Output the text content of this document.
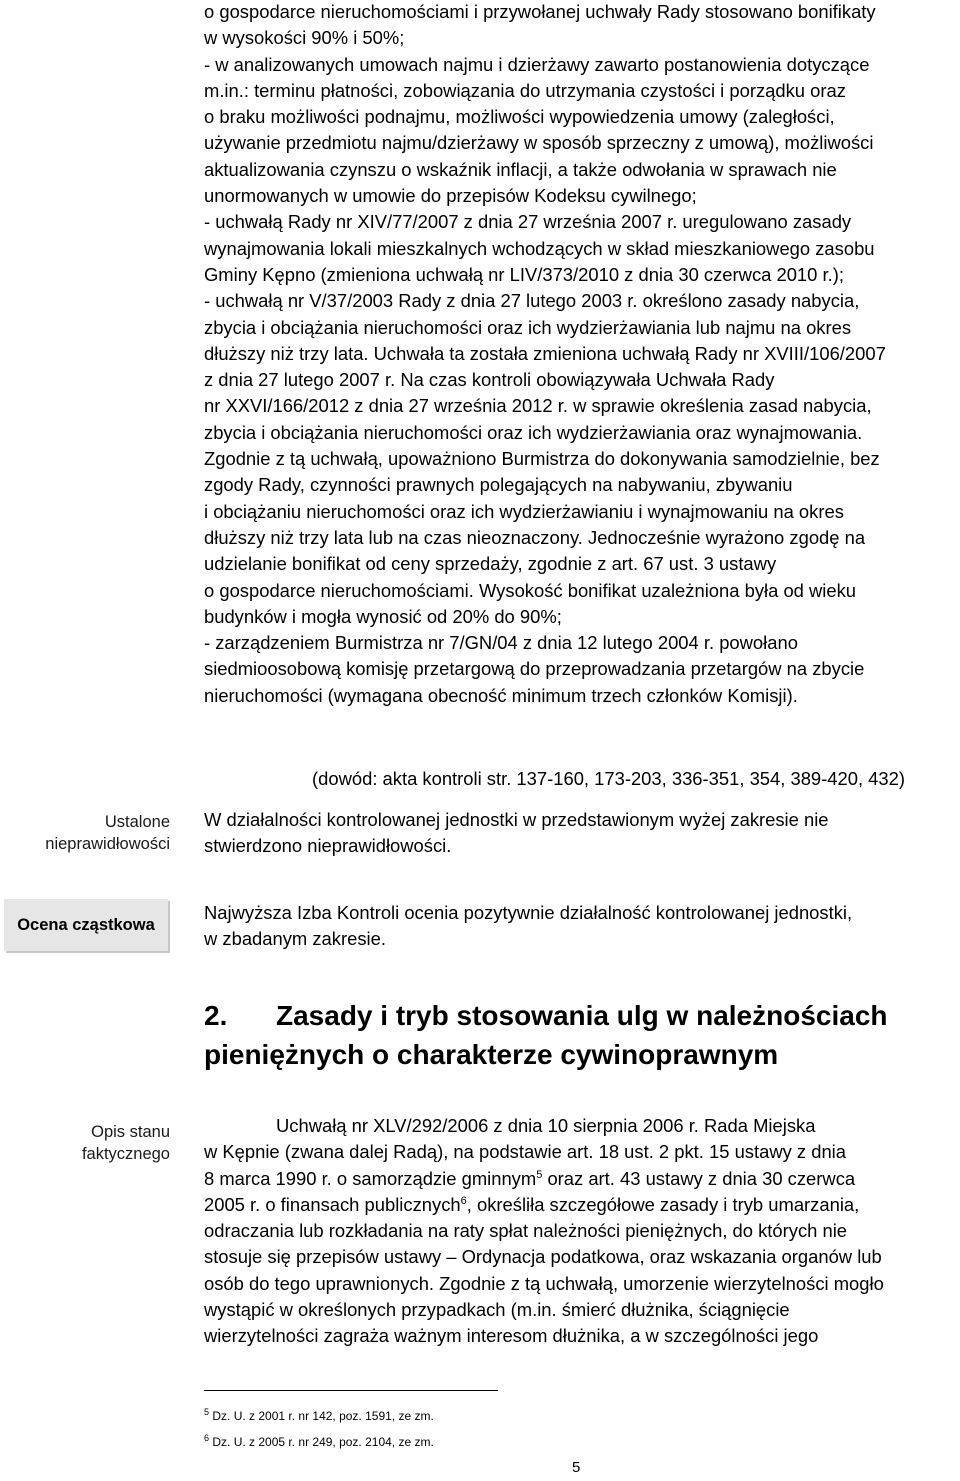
o gospodarce nieruchomościami i przywołanej uchwały Rady stosowano bonifikaty
w wysokości 90% i 50%;
- w analizowanych umowach najmu i dzierżawy zawarto postanowienia dotyczące
m.in.: terminu płatności, zobowiązania do utrzymania czystości i porządku oraz
o braku możliwości podnajmu, możliwości wypowiedzenia umowy (zaległości,
używanie przedmiotu najmu/dzierżawy w sposób sprzeczny z umową), możliwości
aktualizowania czynszu o wskaźnik inflacji, a także odwołania w sprawach nie
unormowanych w umowie do przepisów Kodeksu cywilnego;
- uchwałą Rady nr XIV/77/2007 z dnia 27 września 2007 r. uregulowano zasady
wynajmowania lokali mieszkalnych wchodzących w skład mieszkaniowego zasobu
Gminy Kępno (zmieniona uchwałą nr LIV/373/2010 z dnia 30 czerwca 2010 r.);
- uchwałą nr V/37/2003 Rady z dnia 27 lutego 2003 r. określono zasady nabycia,
zbycia i obciążania nieruchomości oraz ich wydzierżawiania lub najmu na okres
dłuższy niż trzy lata. Uchwała ta została zmieniona uchwałą Rady nr XVIII/106/2007
z dnia 27 lutego 2007 r. Na czas kontroli obowiązywała Uchwała Rady
nr XXVI/166/2012 z dnia 27 września 2012 r. w sprawie określenia zasad nabycia,
zbycia i obciążania nieruchomości oraz ich wydzierżawiania oraz wynajmowania.
Zgodnie z tą uchwałą, upoważniono Burmistrza do dokonywania samodzielnie, bez
zgody Rady, czynności prawnych polegających na nabywaniu, zbywaniu
i obciążaniu nieruchomości oraz ich wydzierżawianiu i wynajmowaniu na okres
dłuższy niż trzy lata lub na czas nieoznaczony. Jednocześnie wyrażono zgodę na
udzielanie bonifikat od ceny sprzedaży, zgodnie z art. 67 ust. 3 ustawy
o gospodarce nieruchomościami. Wysokość bonifikat uzależniona była od wieku
budynków i mogła wynosić od 20% do 90%;
- zarządzeniem Burmistrza nr 7/GN/04 z dnia 12 lutego 2004 r. powołano
siedmioosobową komisję przetargową do przeprowadzania przetargów na zbycie
nieruchomości (wymagana obecność minimum trzech członków Komisji).
(dowód: akta kontroli str. 137-160, 173-203, 336-351, 354, 389-420, 432)
Ustalone
nieprawidłowości
W działalności kontrolowanej jednostki w przedstawionym wyżej zakresie nie
stwierdzono nieprawidłowości.
Ocena cząstkowa
Najwyższa Izba Kontroli ocenia pozytywnie działalność kontrolowanej jednostki,
w zbadanym zakresie.
2. Zasady i tryb stosowania ulg w należnościach
pieniężnych o charakterze cywinoprawnym
Opis stanu
faktycznego
Uchwałą nr XLV/292/2006 z dnia 10 sierpnia 2006 r. Rada Miejska
w Kępnie (zwana dalej Radą), na podstawie art. 18 ust. 2 pkt. 15 ustawy z dnia
8 marca 1990 r. o samorządzie gminnym$^5$ oraz art. 43 ustawy z dnia 30 czerwca
2005 r. o finansach publicznych$^6$, określiła szczegółowe zasady i tryb umarzania,
odraczania lub rozkładania na raty spłat należności pieniężnych, do których nie
stosuje się przepisów ustawy – Ordynacja podatkowa, oraz wskazania organów lub
osób do tego uprawnionych. Zgodnie z tą uchwałą, umorzenie wierzytelności mogło
wystąpić w określonych przypadkach (m.in. śmierć dłużnika, ściągnięcie
wierzytelności zagraża ważnym interesom dłużnika, a w szczególności jego
$^5$ Dz. U. z 2001 r. nr 142, poz. 1591, ze zm.
$^6$ Dz. U. z 2005 r. nr 249, poz. 2104, ze zm.
5
